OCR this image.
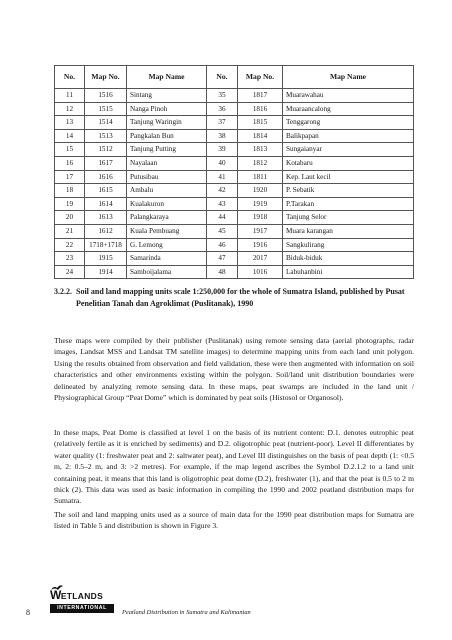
No.	Map No.	Map Name	No.	Map No.	Map Name
11	1516	Sintang	35	1817	Muarawahau
12	1515	Nanga Pinoh	36	1816	Muaraancalong
13	1514	Tanjung Waringin	37	1815	Tenggarong
14	1513	Pangkalan Bun	38	1814	Balikpapan
15	1512	Tanjung Putting	39	1813	Sungaianyar
16	1617	Nayalaan	40	1812	Kotabaru
17	1616	Putusibau	41	1811	Kep. Laut kecil
18	1615	Ambalu	42	1920	P. Sebatik
19	1614	Kualakuron	43	1919	P.Tarakan
20	1613	Palangkaraya	44	1918	Tanjung Selor
21	1612	Kuala Pembuang	45	1917	Muara karangan
22	1718+1718	G. Lemong	46	1916	Sangkulirang
23	1915	Samarinda	47	2017	Biduk-biduk
24	1914	Samboijalama	48	1016	Labuhanbini
3.2.2. Soil and land mapping units scale 1:250,000 for the whole of Sumatra Island, published by Pusat Penelitian Tanah dan Agroklimat (Puslitanak), 1990

These maps were compiled by their publisher (Puslitanak) using remote sensing data (aerial photographs, radar images, Landsat MSS and Landsat TM satellite images) to determine mapping units from each land unit polygon. Using the results obtained from observation and field validation, these were then augmented with information on soil characteristics and other environments existing within the polygon. Soil/land unit distribution boundaries were delineated by analyzing remote sensing data. In these maps, peat swamps are included in the land unit / Physiographical Group “Peat Dome” which is dominated by peat soils (Histosol or Organosol).

In these maps, Peat Dome is classified at level 1 on the basis of its nutrient content: D.1. denotes eutrophic peat (relatively fertile as it is enriched by sediments) and D.2. oligotrophic peat (nutrient-poor). Level II differentiates by water quality (1: freshwater peat and 2: saltwater peat), and Level III distinguishes on the basis of peat depth (1: <0.5 m, 2: 0.5–2 m, and 3: >2 metres). For example, if the map legend ascribes the Symbol D.2.1.2 to a land unit containing peat, it means that this land is oligotrophic peat dome (D.2), freshwater (1), and that the peat is 0.5 to 2 m thick (2). This data was used as basic information in compiling the 1990 and 2002 peatland distribution maps for Sumatra.

The soil and land mapping units used as a source of main data for the 1990 peat distribution maps for Sumatra are listed in Table 5 and distribution is shown in Figure 3.

8
WETLANDS
INTERNATIONAL
Peatland Distribution in Sumatra and Kalimantan
